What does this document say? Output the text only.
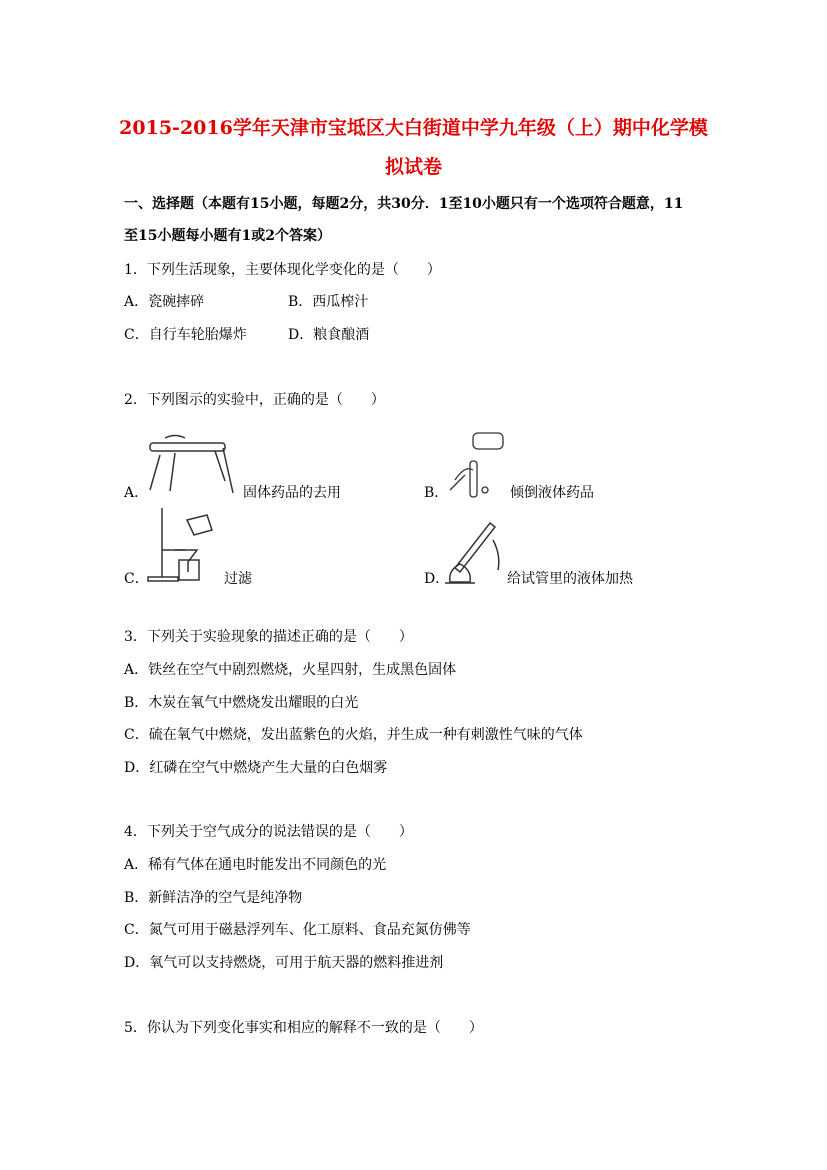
2015-2016学年天津市宝坻区大白街道中学九年级（上）期中化学模
拟试卷
一、选择题（本题有15小题，每题2分，共30分．1至10小题只有一个选项符合题意，11
至15小题每小题有1或2个答案）
1．下列生活现象，主要体现化学变化的是（　　）
A．瓷碗摔碎	B．西瓜榨汁
C．自行车轮胎爆炸	D．粮食酿酒
2．下列图示的实验中，正确的是（　　）
A．	固体药品的去用	B．	倾倒液体药品
C．	过滤	D．	给试管里的液体加热
3．下列关于实验现象的描述正确的是（　　）
A．铁丝在空气中剧烈燃烧，火星四射，生成黑色固体
B．木炭在氧气中燃烧发出耀眼的白光
C．硫在氧气中燃烧，发出蓝紫色的火焰，并生成一种有刺激性气味的气体
D．红磷在空气中燃烧产生大量的白色烟雾
4．下列关于空气成分的说法错误的是（　　）
A．稀有气体在通电时能发出不同颜色的光
B．新鲜洁净的空气是纯净物
C．氮气可用于磁悬浮列车、化工原料、食品充氮仿佛等
D．氧气可以支持燃烧，可用于航天器的燃料推进剂
5．你认为下列变化事实和相应的解释不一致的是（　　）
